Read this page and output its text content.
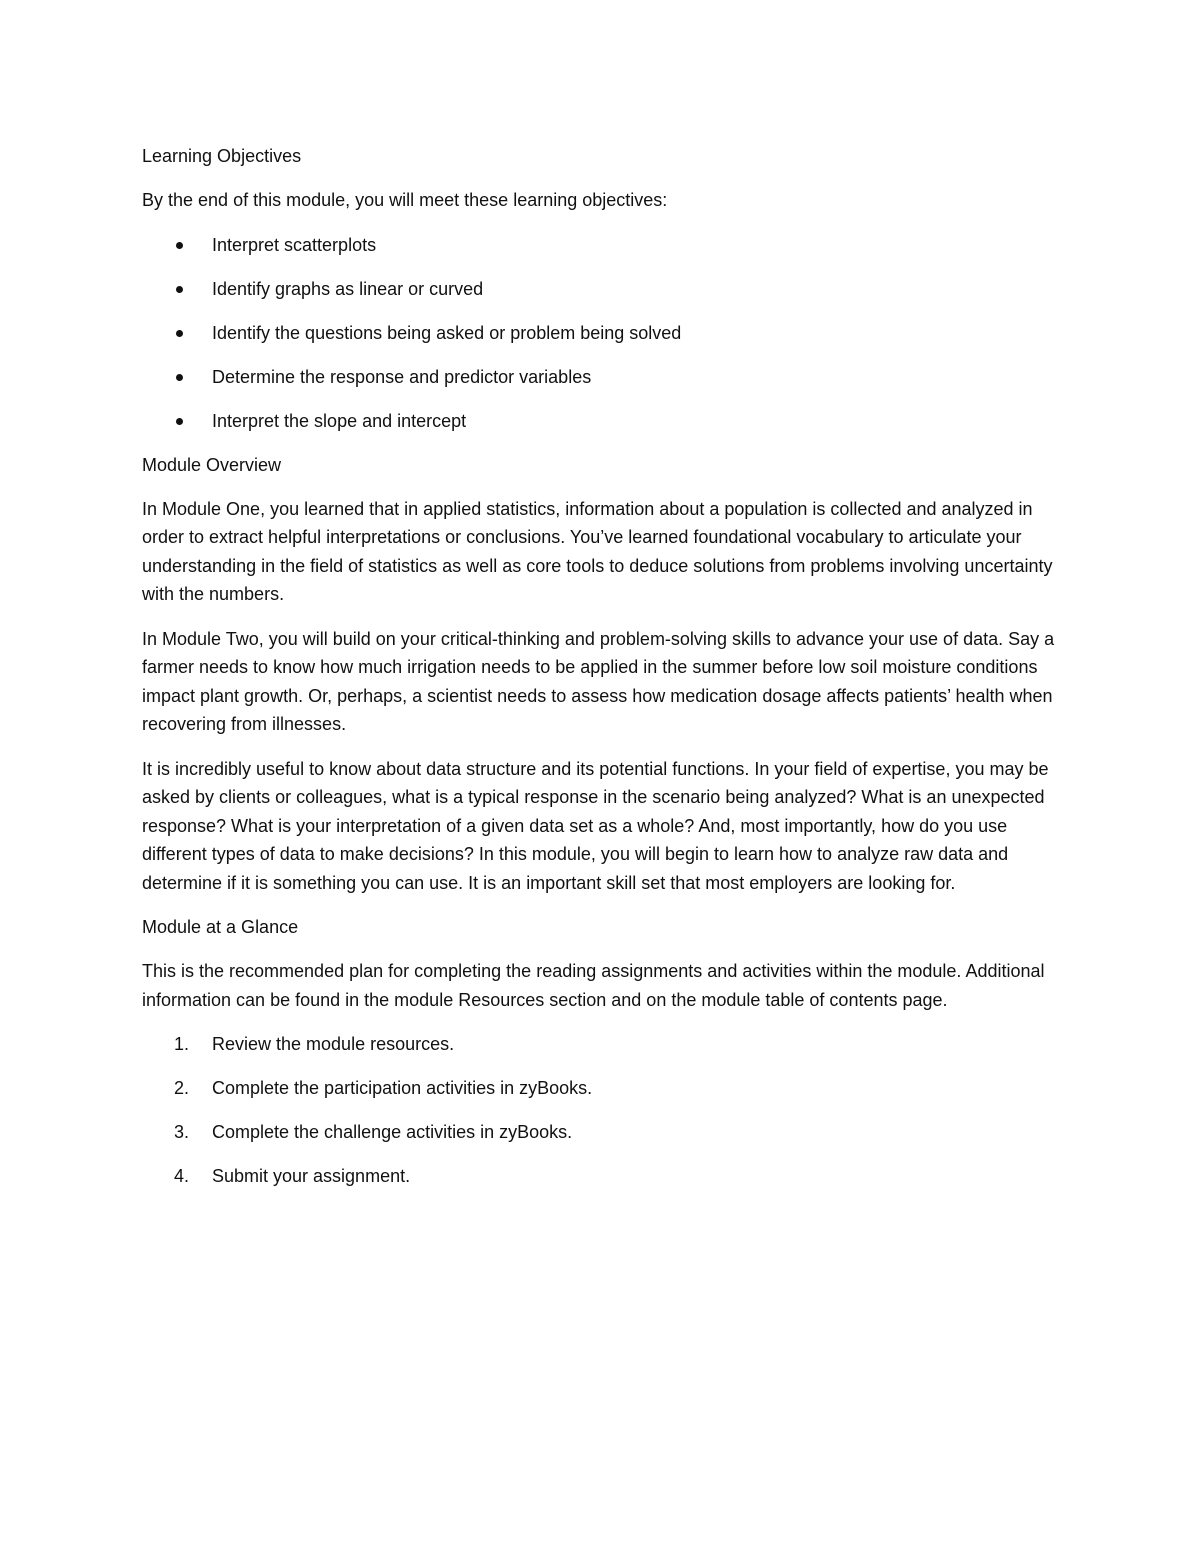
Learning Objectives

By the end of this module, you will meet these learning objectives:

Interpret scatterplots
Identify graphs as linear or curved
Identify the questions being asked or problem being solved
Determine the response and predictor variables
Interpret the slope and intercept

Module Overview

In Module One, you learned that in applied statistics, information about a population is collected and analyzed in order to extract helpful interpretations or conclusions. You’ve learned foundational vocabulary to articulate your understanding in the field of statistics as well as core tools to deduce solutions from problems involving uncertainty with the numbers.

In Module Two, you will build on your critical-thinking and problem-solving skills to advance your use of data. Say a farmer needs to know how much irrigation needs to be applied in the summer before low soil moisture conditions impact plant growth. Or, perhaps, a scientist needs to assess how medication dosage affects patients’ health when recovering from illnesses.

It is incredibly useful to know about data structure and its potential functions. In your field of expertise, you may be asked by clients or colleagues, what is a typical response in the scenario being analyzed? What is an unexpected response? What is your interpretation of a given data set as a whole? And, most importantly, how do you use different types of data to make decisions? In this module, you will begin to learn how to analyze raw data and determine if it is something you can use. It is an important skill set that most employers are looking for.

Module at a Glance

This is the recommended plan for completing the reading assignments and activities within the module. Additional information can be found in the module Resources section and on the module table of contents page.

1. Review the module resources.
2. Complete the participation activities in zyBooks.
3. Complete the challenge activities in zyBooks.
4. Submit your assignment.
